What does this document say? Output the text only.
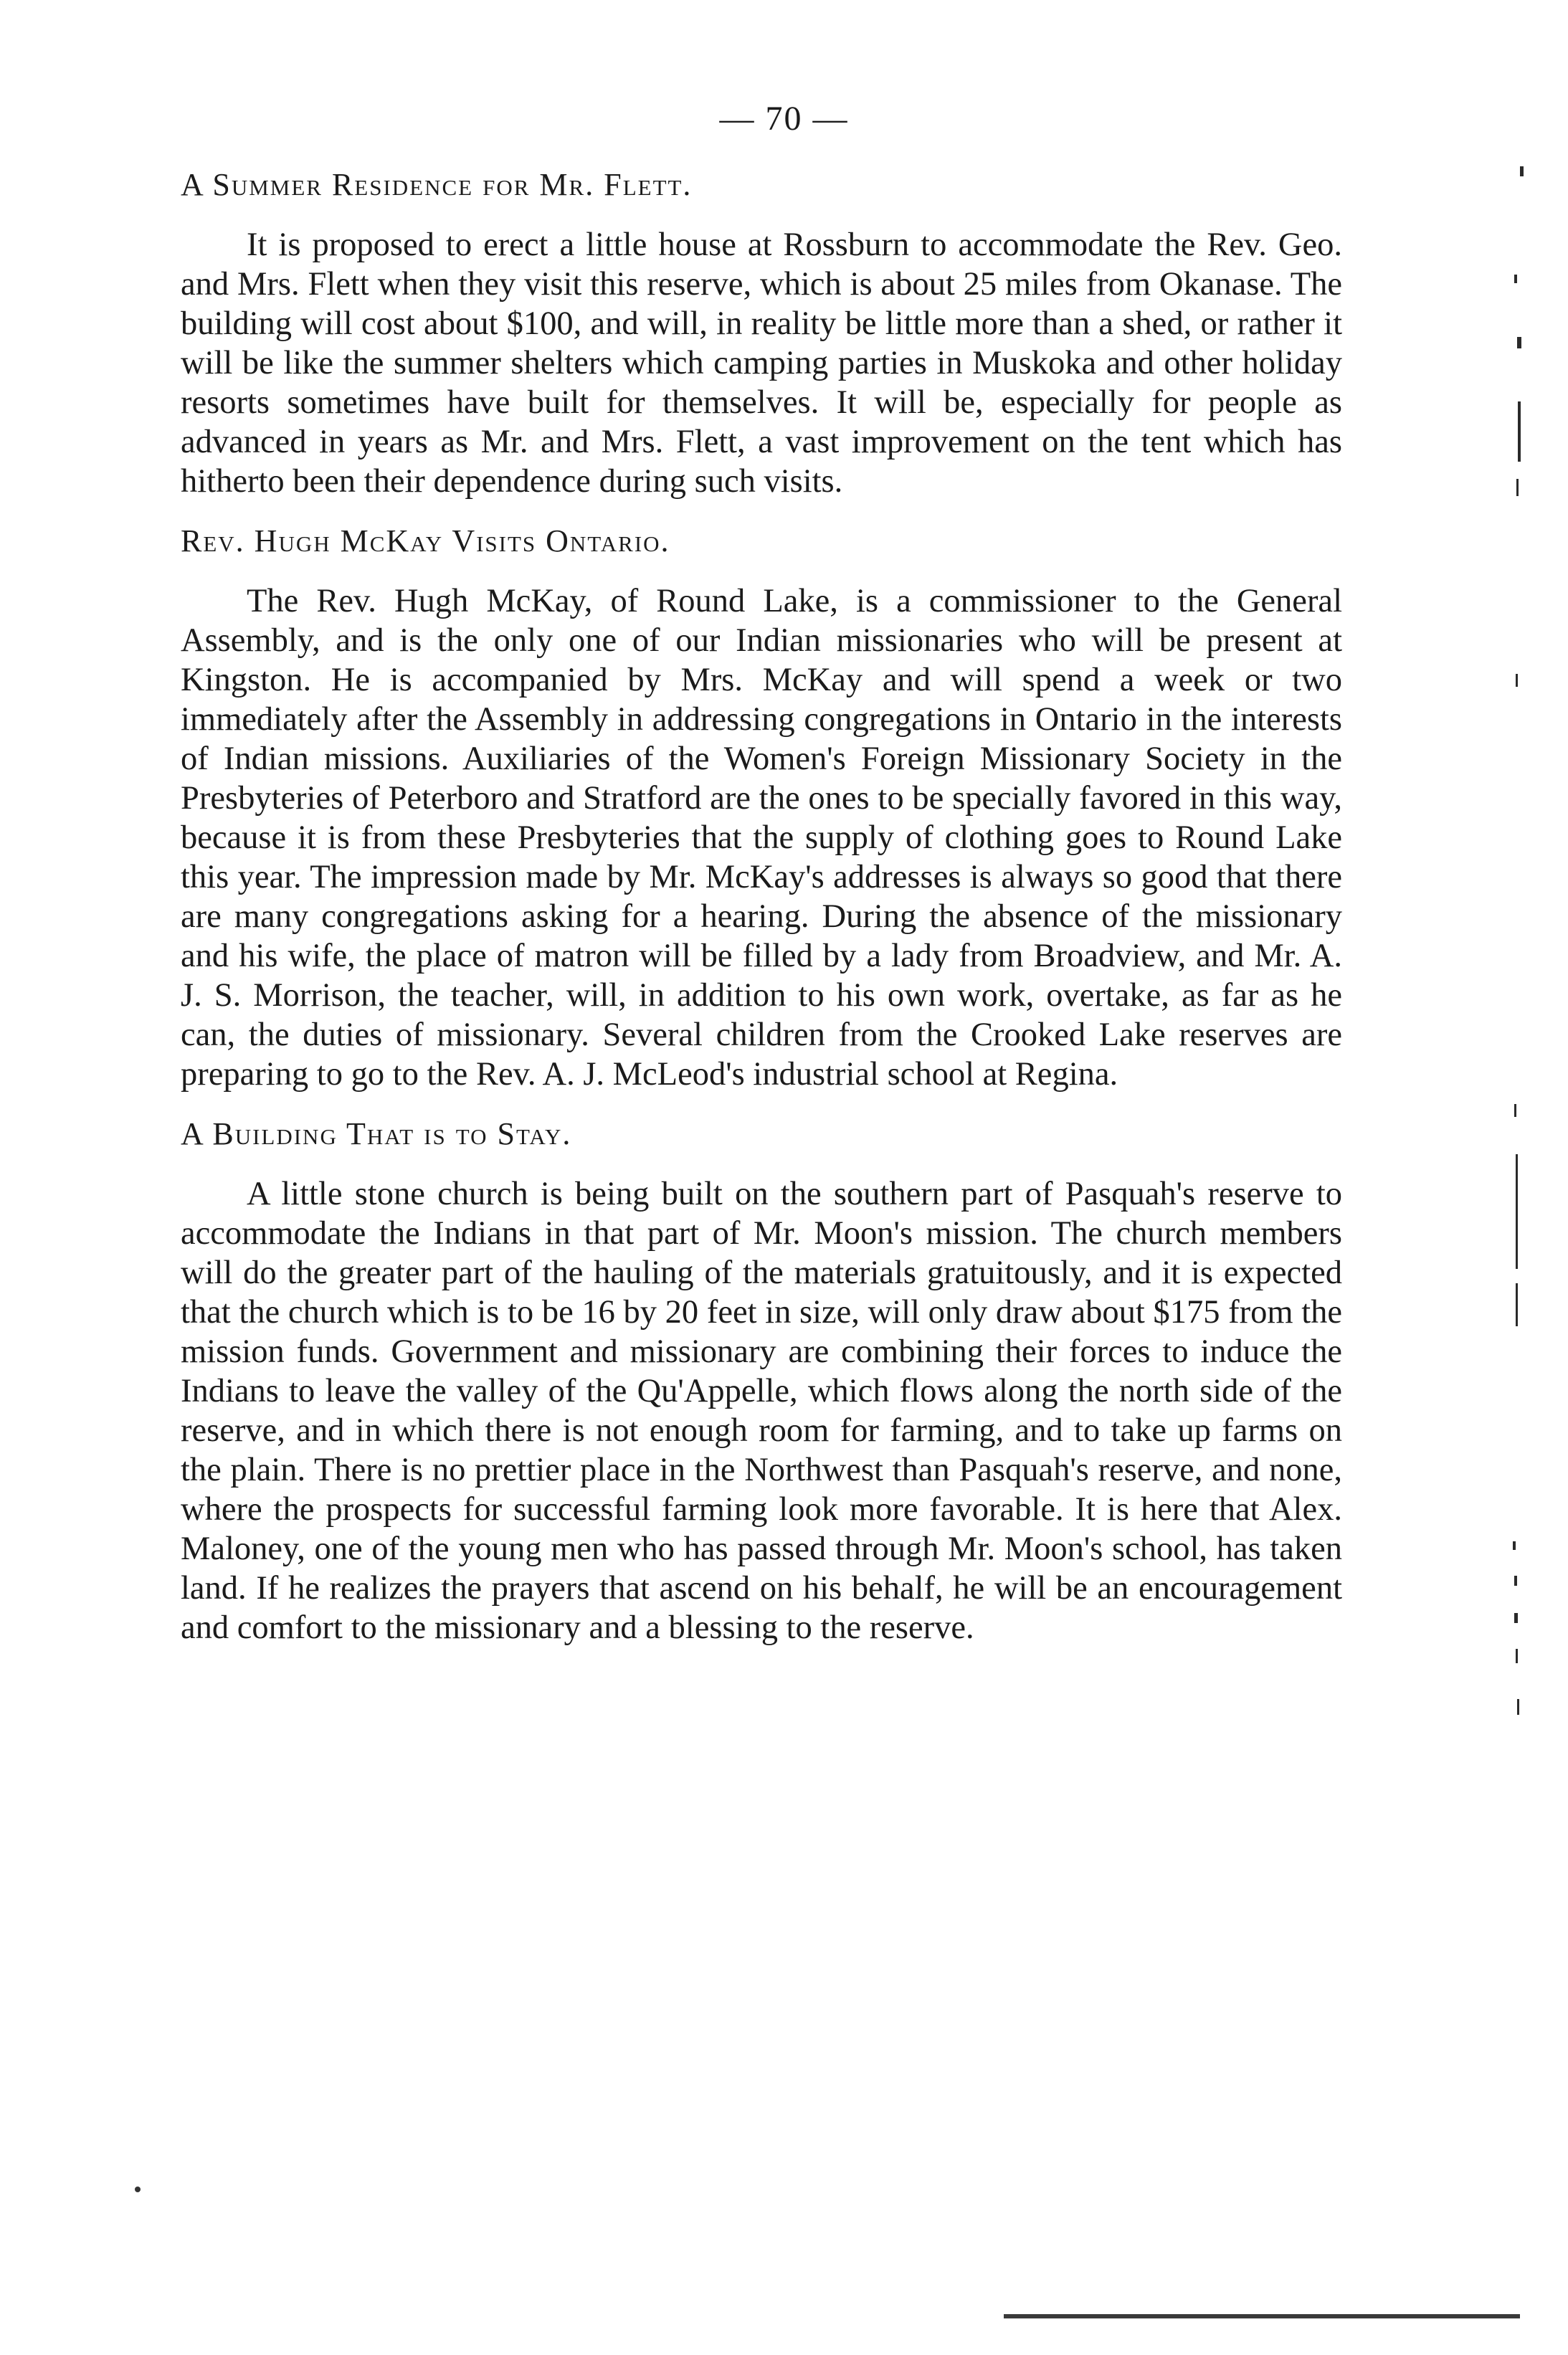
— 70 —
A Summer Residence for Mr. Flett.

It is proposed to erect a little house at Rossburn to accommodate the Rev. Geo. and Mrs. Flett when they visit this reserve, which is about 25 miles from Okanase. The building will cost about $100, and will, in reality be little more than a shed, or rather it will be like the summer shelters which camping parties in Muskoka and other holiday resorts sometimes have built for themselves. It will be, especially for people as advanced in years as Mr. and Mrs. Flett, a vast improvement on the tent which has hitherto been their dependence during such visits.

Rev. Hugh McKay Visits Ontario.

The Rev. Hugh McKay, of Round Lake, is a commissioner to the General Assembly, and is the only one of our Indian missionaries who will be present at Kingston. He is accompanied by Mrs. McKay and will spend a week or two immediately after the Assembly in addressing congregations in Ontario in the interests of Indian missions. Auxiliaries of the Women's Foreign Missionary Society in the Presbyteries of Peterboro and Stratford are the ones to be specially favored in this way, because it is from these Presbyteries that the supply of clothing goes to Round Lake this year. The impression made by Mr. McKay's addresses is always so good that there are many congregations asking for a hearing. During the absence of the missionary and his wife, the place of matron will be filled by a lady from Broadview, and Mr. A. J. S. Morrison, the teacher, will, in addition to his own work, overtake, as far as he can, the duties of missionary. Several children from the Crooked Lake reserves are preparing to go to the Rev. A. J. McLeod's industrial school at Regina.

A Building That is to Stay.

A little stone church is being built on the southern part of Pasquah's reserve to accommodate the Indians in that part of Mr. Moon's mission. The church members will do the greater part of the hauling of the materials gratuitously, and it is expected that the church which is to be 16 by 20 feet in size, will only draw about $175 from the mission funds. Government and missionary are combining their forces to induce the Indians to leave the valley of the Qu'Appelle, which flows along the north side of the reserve, and in which there is not enough room for farming, and to take up farms on the plain. There is no prettier place in the Northwest than Pasquah's reserve, and none, where the prospects for successful farming look more favorable. It is here that Alex. Maloney, one of the young men who has passed through Mr. Moon's school, has taken land. If he realizes the prayers that ascend on his behalf, he will be an encouragement and comfort to the missionary and a blessing to the reserve.
